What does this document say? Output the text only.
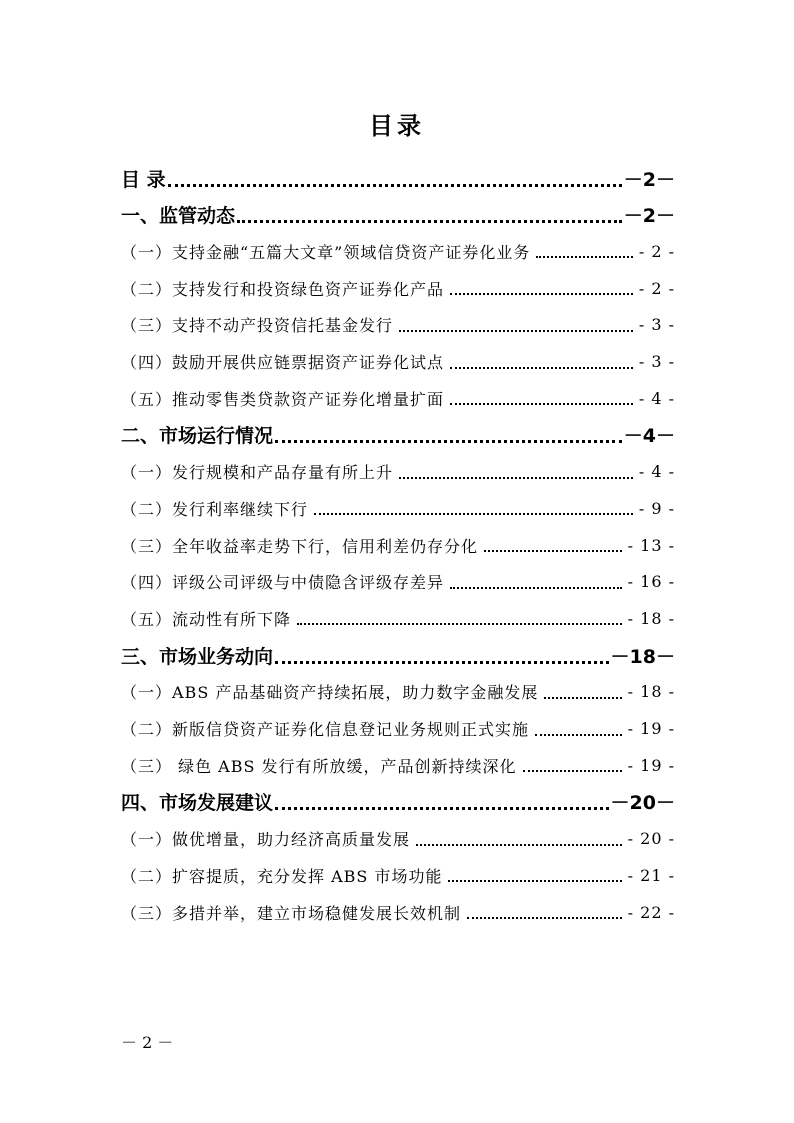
目录
目 录	－2－
一、监管动态	－2－
（一）支持金融“五篇大文章”领域信贷资产证券化业务	- 2 -
（二）支持发行和投资绿色资产证券化产品	- 2 -
（三）支持不动产投资信托基金发行	- 3 -
（四）鼓励开展供应链票据资产证券化试点	- 3 -
（五）推动零售类贷款资产证券化增量扩面	- 4 -
二、市场运行情况	－4－
（一）发行规模和产品存量有所上升	- 4 -
（二）发行利率继续下行	- 9 -
（三）全年收益率走势下行，信用利差仍存分化	- 13 -
（四）评级公司评级与中债隐含评级存差异	- 16 -
（五）流动性有所下降	- 18 -
三、市场业务动向	－18－
（一）ABS 产品基础资产持续拓展，助力数字金融发展	- 18 -
（二）新版信贷资产证券化信息登记业务规则正式实施	- 19 -
（三） 绿色 ABS 发行有所放缓，产品创新持续深化	- 19 -
四、市场发展建议	－20－
（一）做优增量，助力经济高质量发展	- 20 -
（二）扩容提质，充分发挥 ABS 市场功能	- 21 -
（三）多措并举，建立市场稳健发展长效机制	- 22 -
－ 2 －
